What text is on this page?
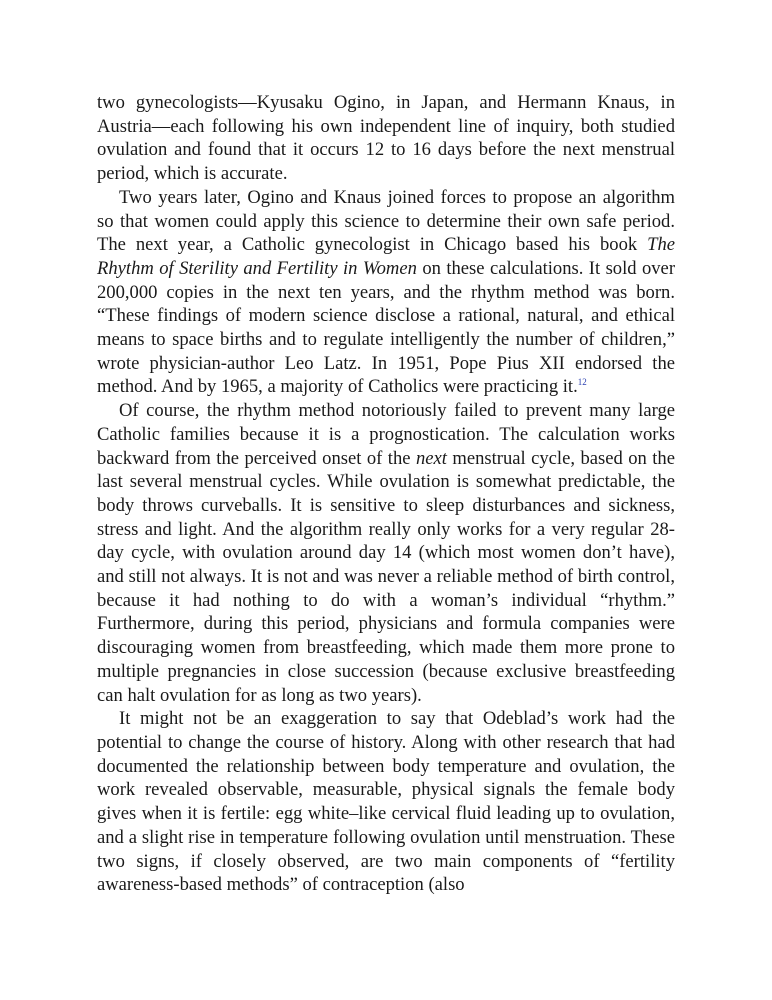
two gynecologists—Kyusaku Ogino, in Japan, and Hermann Knaus, in Austria—each following his own independent line of inquiry, both studied ovulation and found that it occurs 12 to 16 days before the next menstrual period, which is accurate.

Two years later, Ogino and Knaus joined forces to propose an algorithm so that women could apply this science to determine their own safe period. The next year, a Catholic gynecologist in Chicago based his book The Rhythm of Sterility and Fertility in Women on these calculations. It sold over 200,000 copies in the next ten years, and the rhythm method was born. “These findings of modern science disclose a rational, natural, and ethical means to space births and to regulate intelligently the number of children,” wrote physician-author Leo Latz. In 1951, Pope Pius XII endorsed the method. And by 1965, a majority of Catholics were practicing it.$^{12}$

Of course, the rhythm method notoriously failed to prevent many large Catholic families because it is a prognostication. The calculation works backward from the perceived onset of the next menstrual cycle, based on the last several menstrual cycles. While ovulation is somewhat predictable, the body throws curveballs. It is sensitive to sleep disturbances and sickness, stress and light. And the algorithm really only works for a very regular 28-day cycle, with ovulation around day 14 (which most women don’t have), and still not always. It is not and was never a reliable method of birth control, because it had nothing to do with a woman’s individual “rhythm.” Furthermore, during this period, physicians and formula companies were discouraging women from breastfeeding, which made them more prone to multiple pregnancies in close succession (because exclusive breastfeeding can halt ovulation for as long as two years).

It might not be an exaggeration to say that Odeblad’s work had the potential to change the course of history. Along with other research that had documented the relationship between body temperature and ovulation, the work revealed observable, measurable, physical signals the female body gives when it is fertile: egg white–like cervical fluid leading up to ovulation, and a slight rise in temperature following ovulation until menstruation. These two signs, if closely observed, are two main components of “fertility awareness-based methods” of contraception (also
